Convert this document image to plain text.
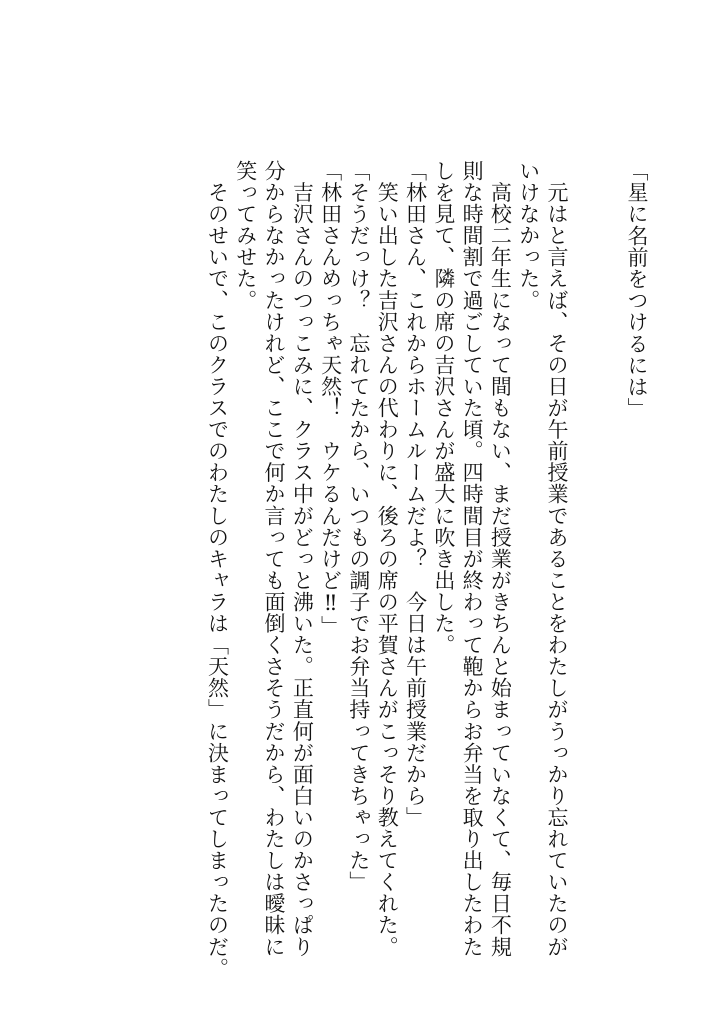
「星に名前をつけるには」
　元はと言えば、その日が午前授業であることをわたしがうっかり忘れていたのが
いけなかった。
　高校二年生になって間もない、まだ授業がきちんと始まっていなくて、毎日不規
則な時間割で過ごしていた頃。四時間目が終わって鞄からお弁当を取り出したわた
しを見て、隣の席の吉沢さんが盛大に吹き出した。
「林田さん、これからホームルームだよ？　今日は午前授業だから」
　笑い出した吉沢さんの代わりに、後ろの席の平賀さんがこっそり教えてくれた。
「そうだっけ？　忘れてたから、いつもの調子でお弁当持ってきちゃった」
「林田さんめっちゃ天然！　ウケるんだけど‼」
　吉沢さんのつっこみに、クラス中がどっと沸いた。正直何が面白いのかさっぱり
分からなかったけれど、ここで何か言っても面倒くさそうだから、わたしは曖昧に
笑ってみせた。
　そのせいで、このクラスでのわたしのキャラは「天然」に決まってしまったのだ。
